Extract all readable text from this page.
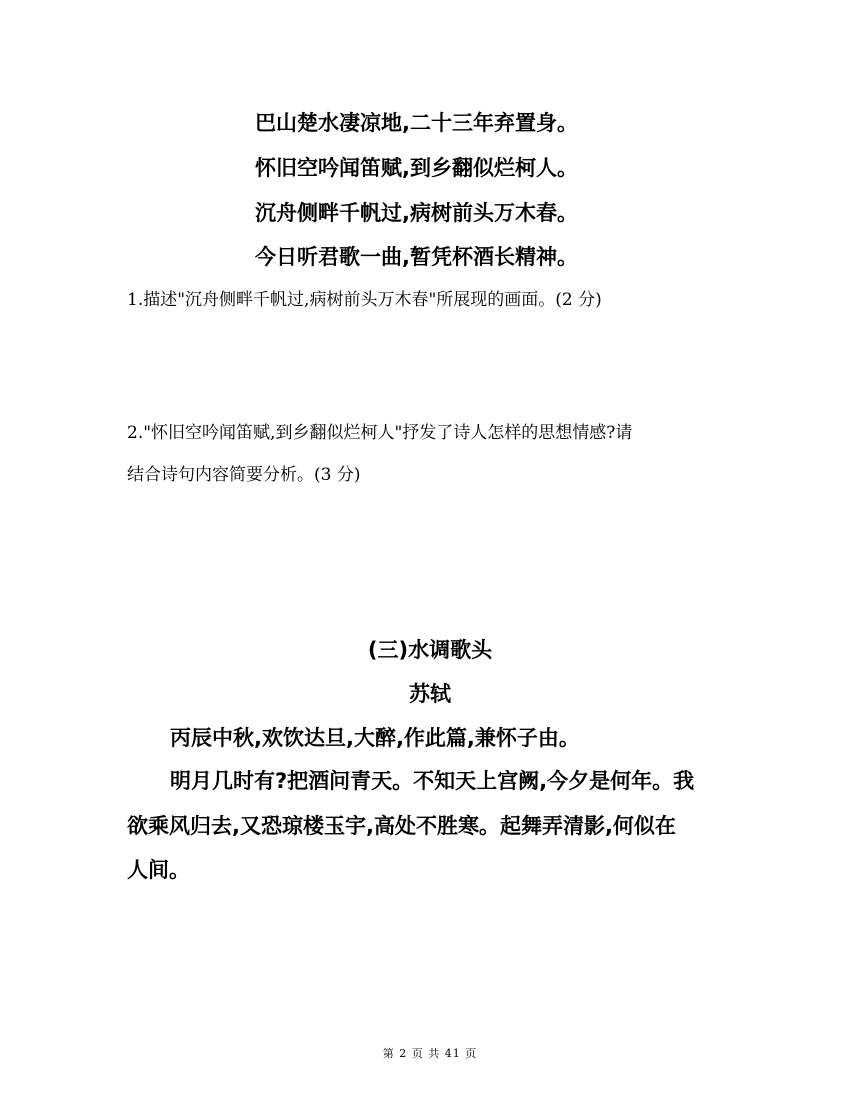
巴山楚水凄凉地,二十三年弃置身。
怀旧空吟闻笛赋,到乡翻似烂柯人。
沉舟侧畔千帆过,病树前头万木春。
今日听君歌一曲,暂凭杯酒长精神。
1.描述"沉舟侧畔千帆过,病树前头万木春"所展现的画面。(2 分)
2."怀旧空吟闻笛赋,到乡翻似烂柯人"抒发了诗人怎样的思想情感?请
结合诗句内容简要分析。(3 分)
(三)水调歌头
苏轼
丙辰中秋,欢饮达旦,大醉,作此篇,兼怀子由。
明月几时有?把酒问青天。不知天上宫阙,今夕是何年。我
欲乘风归去,又恐琼楼玉宇,高处不胜寒。起舞弄清影,何似在
人间。
第 2 页 共 41 页
